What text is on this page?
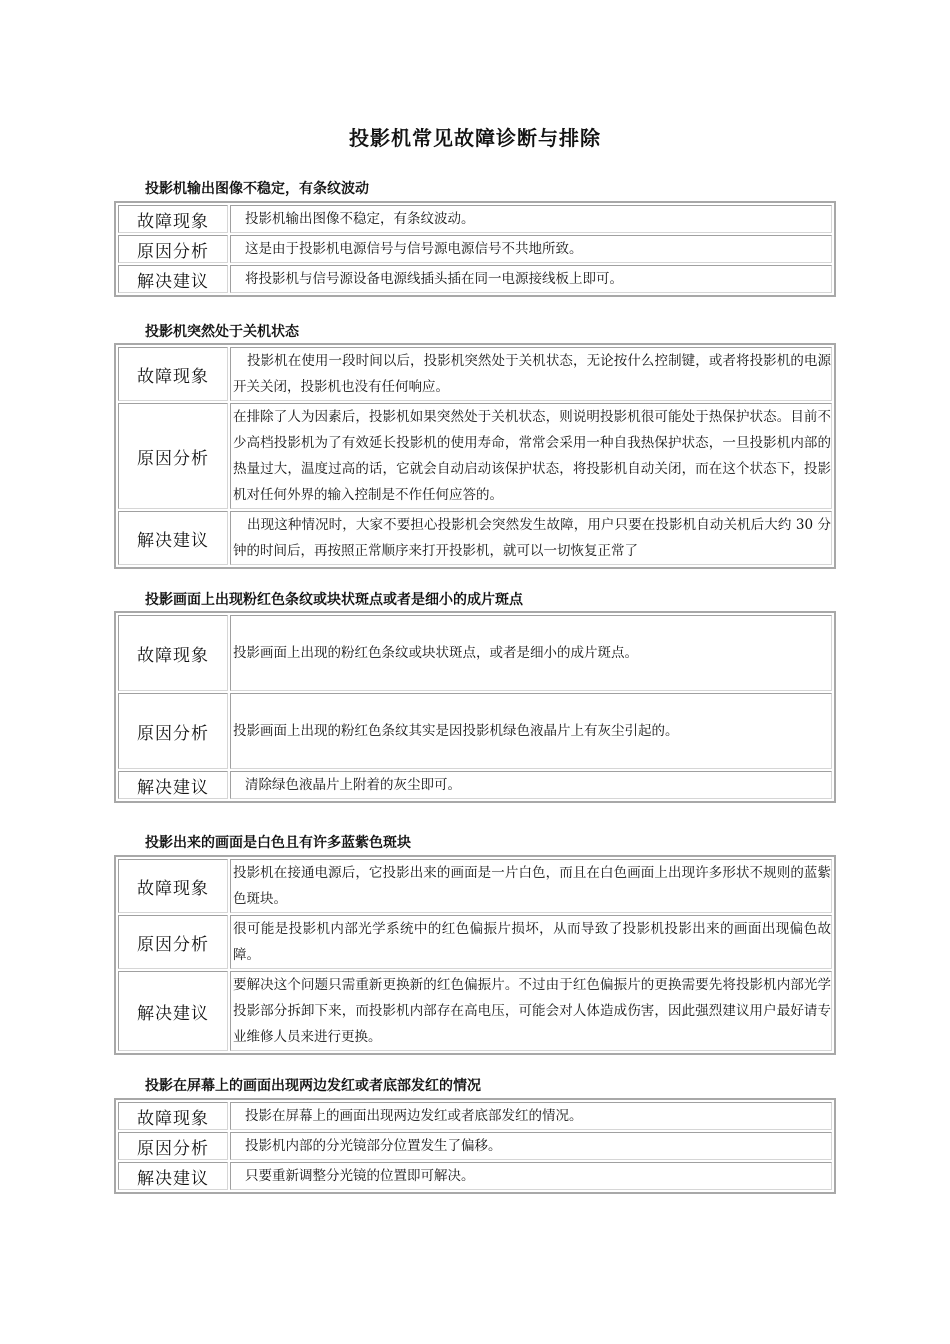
投影机常见故障诊断与排除
投影机输出图像不稳定，有条纹波动
故障现象	投影机输出图像不稳定，有条纹波动。
原因分析	这是由于投影机电源信号与信号源电源信号不共地所致。
解决建议	将投影机与信号源设备电源线插头插在同一电源接线板上即可。
投影机突然处于关机状态
故障现象	投影机在使用一段时间以后，投影机突然处于关机状态，无论按什么控制键，或者将投影机的电源开关关闭，投影机也没有任何响应。
原因分析	在排除了人为因素后，投影机如果突然处于关机状态，则说明投影机很可能处于热保护状态。目前不少高档投影机为了有效延长投影机的使用寿命，常常会采用一种自我热保护状态，一旦投影机内部的热量过大，温度过高的话，它就会自动启动该保护状态，将投影机自动关闭，而在这个状态下，投影机对任何外界的输入控制是不作任何应答的。
解决建议	出现这种情况时，大家不要担心投影机会突然发生故障，用户只要在投影机自动关机后大约 30 分钟的时间后，再按照正常顺序来打开投影机，就可以一切恢复正常了
投影画面上出现粉红色条纹或块状斑点或者是细小的成片斑点
故障现象	投影画面上出现的粉红色条纹或块状斑点，或者是细小的成片斑点。
原因分析	投影画面上出现的粉红色条纹其实是因投影机绿色液晶片上有灰尘引起的。
解决建议	清除绿色液晶片上附着的灰尘即可。
投影出来的画面是白色且有许多蓝紫色斑块
故障现象	投影机在接通电源后，它投影出来的画面是一片白色，而且在白色画面上出现许多形状不规则的蓝紫色斑块。
原因分析	很可能是投影机内部光学系统中的红色偏振片损坏，从而导致了投影机投影出来的画面出现偏色故障。
解决建议	要解决这个问题只需重新更换新的红色偏振片。不过由于红色偏振片的更换需要先将投影机内部光学投影部分拆卸下来，而投影机内部存在高电压，可能会对人体造成伤害，因此强烈建议用户最好请专业维修人员来进行更换。
投影在屏幕上的画面出现两边发红或者底部发红的情况
故障现象	投影在屏幕上的画面出现两边发红或者底部发红的情况。
原因分析	投影机内部的分光镜部分位置发生了偏移。
解决建议	只要重新调整分光镜的位置即可解决。
